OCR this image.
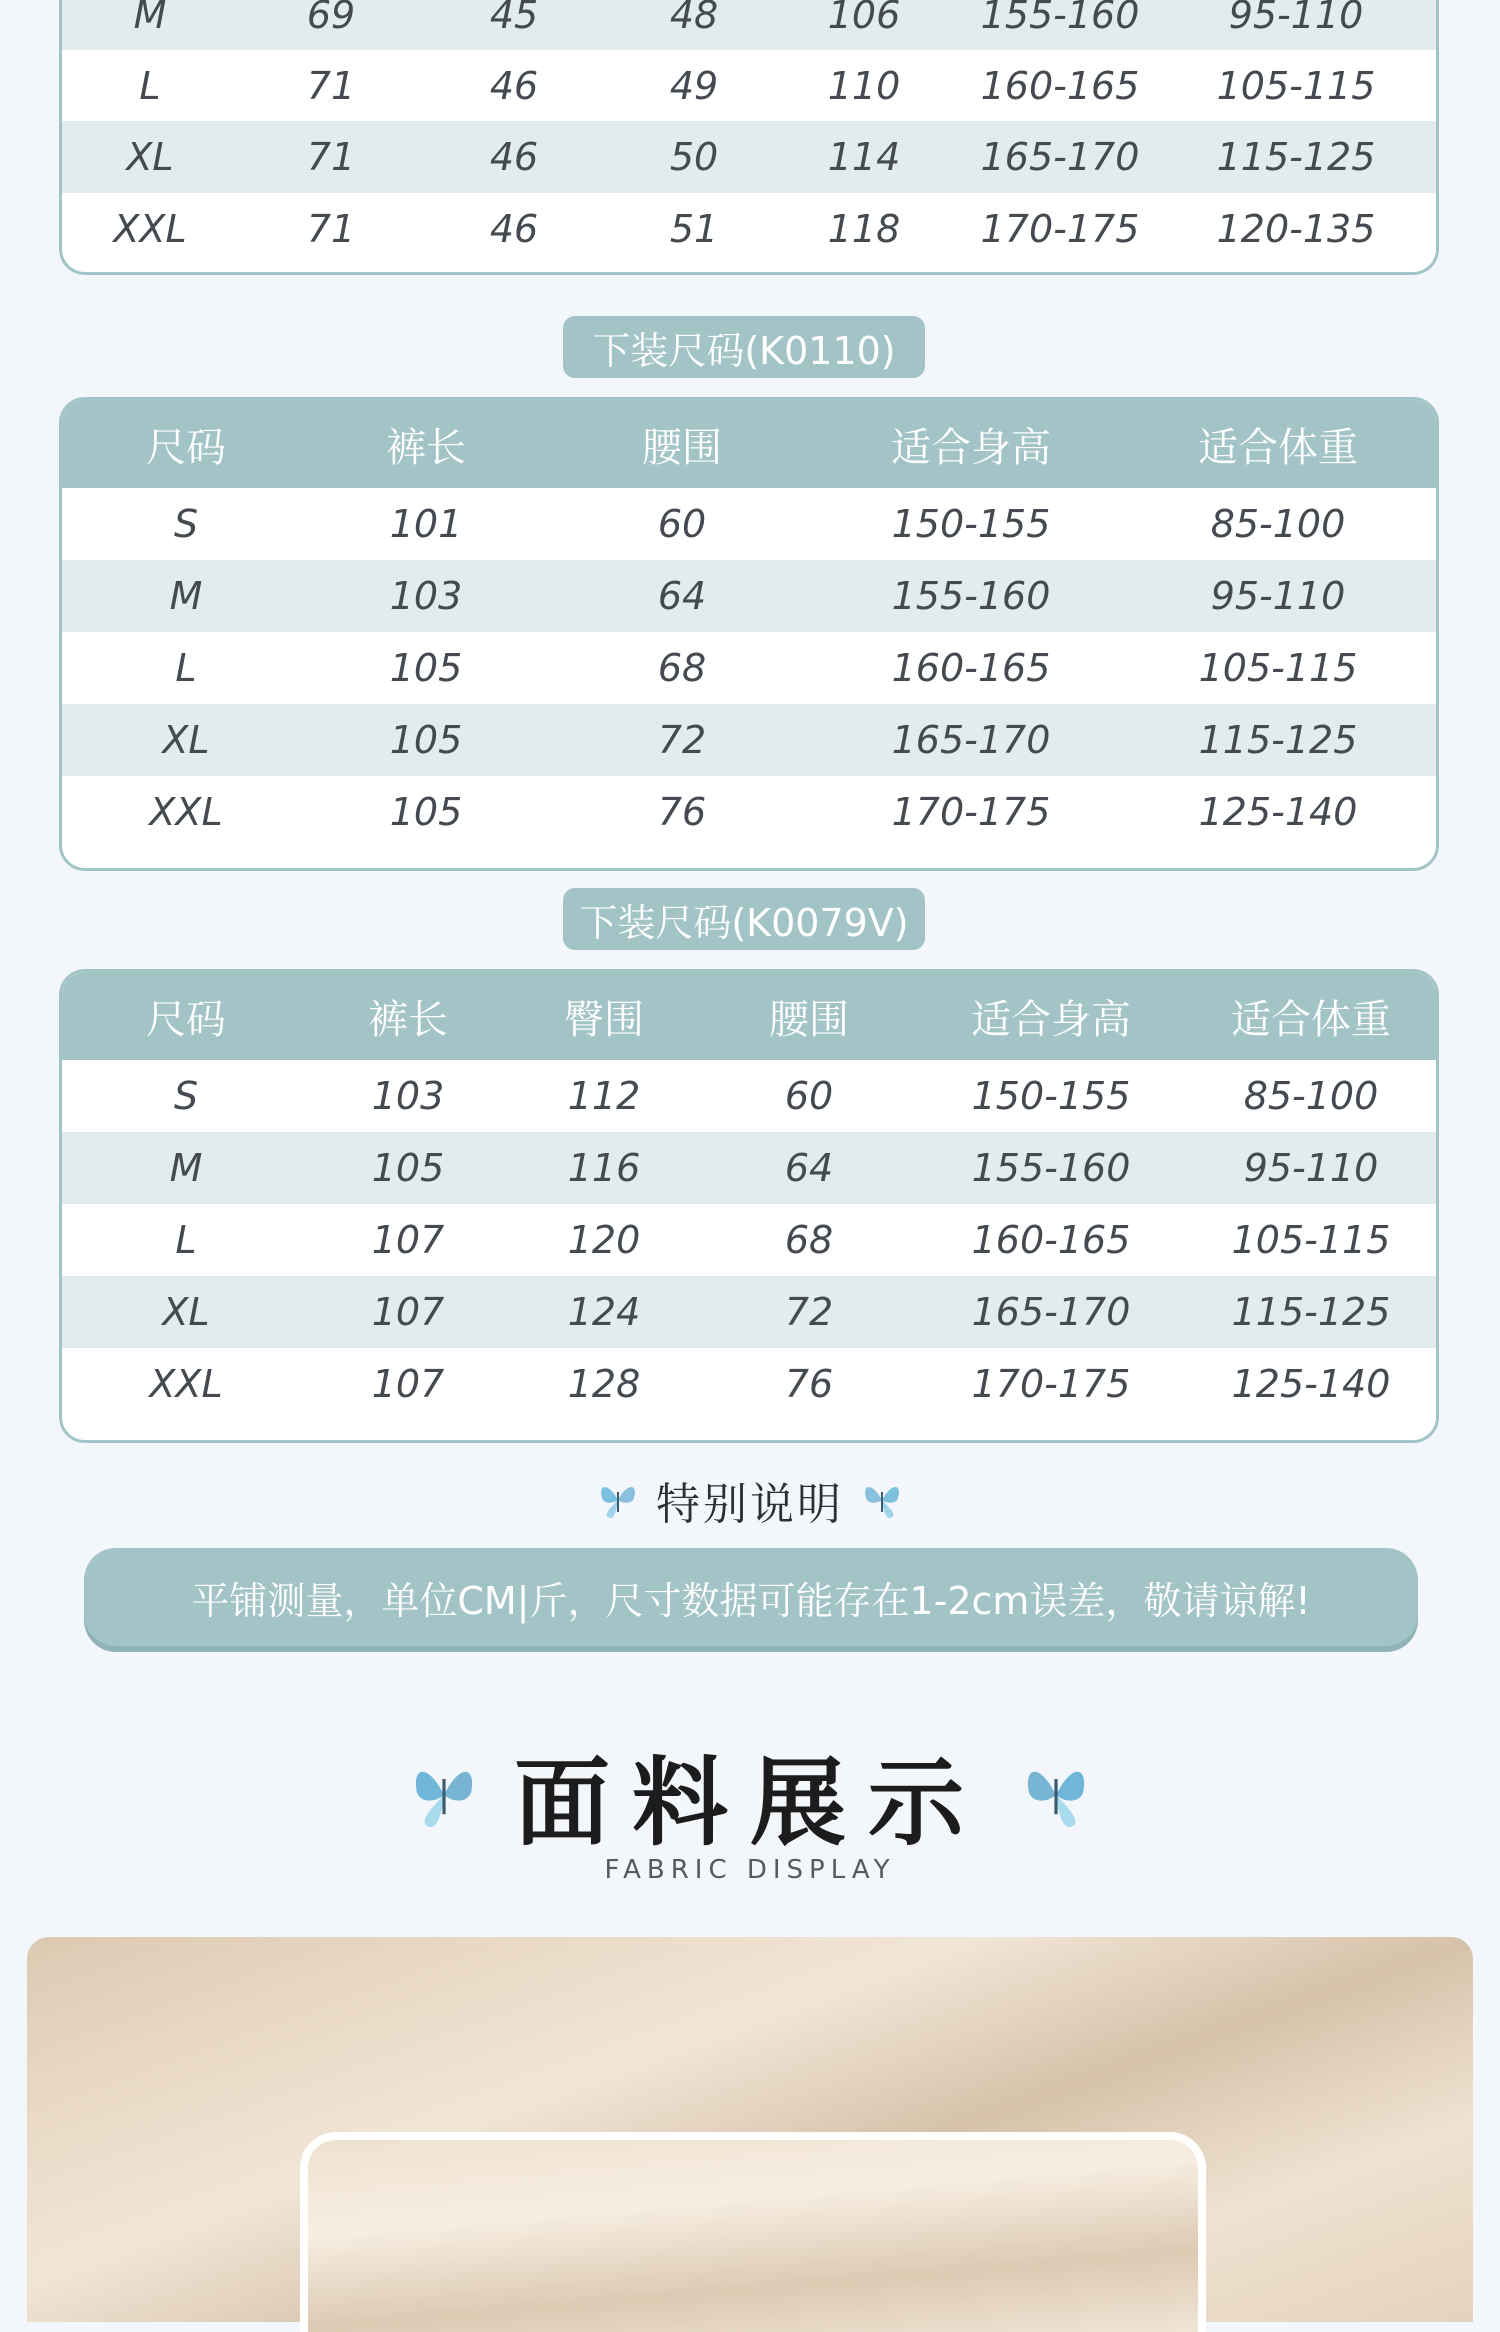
M	69	45	48	106	155-160	95-110
L	71	46	49	110	160-165	105-115
XL	71	46	50	114	165-170	115-125
XXL	71	46	51	118	170-175	120-135
下装尺码(K0110)
尺码	裤长	腰围	适合身高	适合体重
S	101	60	150-155	85-100
M	103	64	155-160	95-110
L	105	68	160-165	105-115
XL	105	72	165-170	115-125
XXL	105	76	170-175	125-140
下装尺码(K0079V)
尺码	裤长	臀围	腰围	适合身高	适合体重
S	103	112	60	150-155	85-100
M	105	116	64	155-160	95-110
L	107	120	68	160-165	105-115
XL	107	124	72	165-170	115-125
XXL	107	128	76	170-175	125-140
特别说明
平铺测量，单位CM|斤，尺寸数据可能存在1-2cm误差，敬请谅解!
面料展示
FABRIC DISPLAY
